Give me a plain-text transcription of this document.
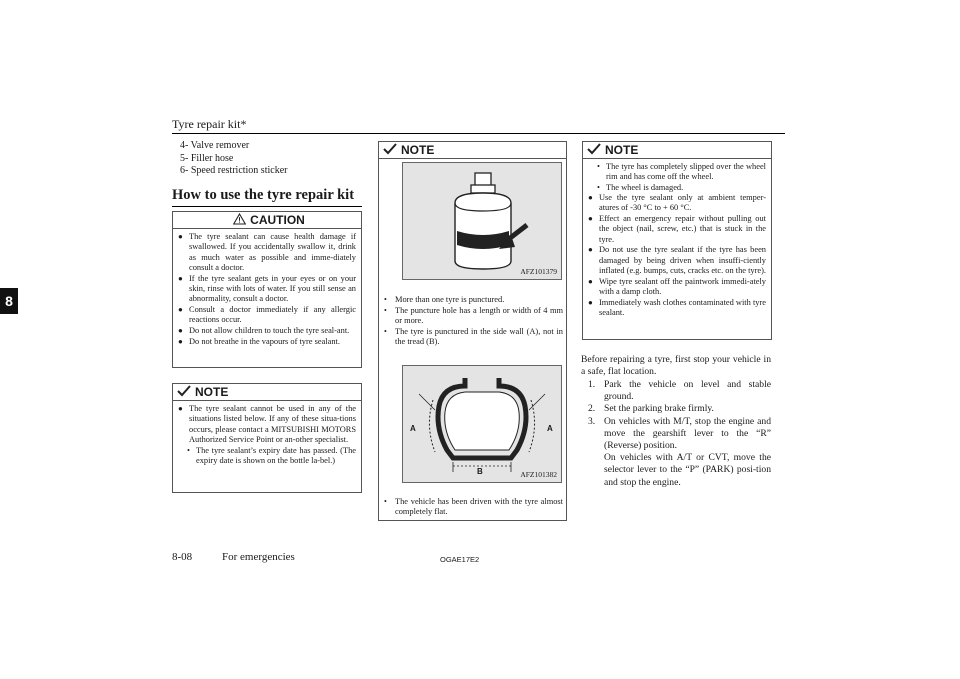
Tyre repair kit*
8
4- Valve remover
5- Filler hose
6- Speed restriction sticker
How to use the tyre repair kit
CAUTION
● The tyre sealant can cause health damage if swallowed. If you accidentally swallow it, drink as much water as possible and imme-diately consult a doctor.
● If the tyre sealant gets in your eyes or on your skin, rinse with lots of water. If you still sense an abnormality, consult a doctor.
● Consult a doctor immediately if any allergic reactions occur.
● Do not allow children to touch the tyre seal-ant.
● Do not breathe in the vapours of tyre sealant.
NOTE
● The tyre sealant cannot be used in any of the situations listed below. If any of these situa-tions occurs, please contact a MITSUBISHI MOTORS Authorized Service Point or an-other specialist.
• The tyre sealant’s expiry date has passed. (The expiry date is shown on the bottle la-bel.)
NOTE
AFZ101379
• More than one tyre is punctured.
• The puncture hole has a length or width of 4 mm or more.
• The tyre is punctured in the side wall (A), not in the tread (B).
A	A
B	AFZ101382
• The vehicle has been driven with the tyre almost completely flat.
NOTE
• The tyre has completely slipped over the wheel rim and has come off the wheel.
• The wheel is damaged.
● Use the tyre sealant only at ambient temper-atures of -30 °C to + 60 °C.
● Effect an emergency repair without pulling out the object (nail, screw, etc.) that is stuck in the tyre.
● Do not use the tyre sealant if the tyre has been damaged by being driven when insuffi-ciently inflated (e.g. bumps, cuts, cracks etc. on the tyre).
● Wipe tyre sealant off the paintwork immedi-ately with a damp cloth.
● Immediately wash clothes contaminated with tyre sealant.
Before repairing a tyre, first stop your vehicle in a safe, flat location.
1. Park the vehicle on level and stable ground.
2. Set the parking brake firmly.
3. On vehicles with M/T, stop the engine and move the gearshift lever to the “R” (Reverse) position.
On vehicles with A/T or CVT, move the selector lever to the “P” (PARK) posi-tion and stop the engine.
8-08	For emergencies	OGAE17E2
